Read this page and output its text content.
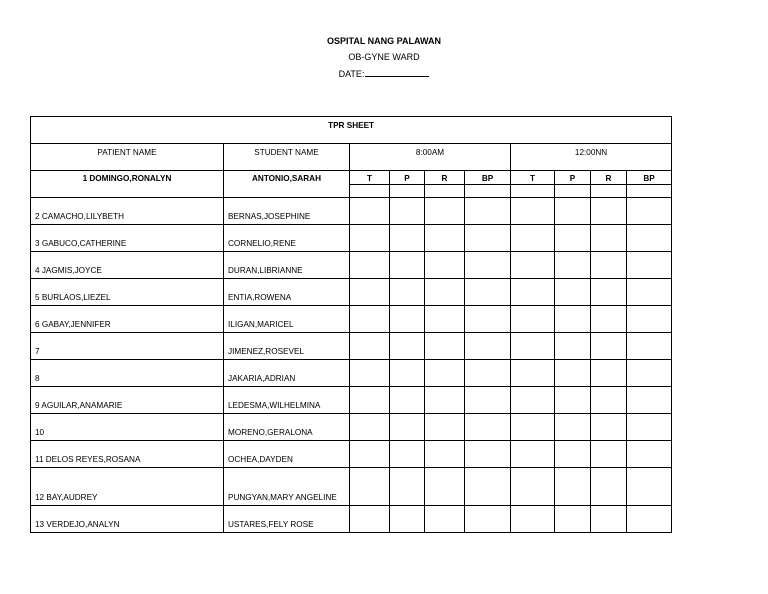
OSPITAL NANG PALAWAN
OB-GYNE WARD
DATE:
TPR SHEET									
PATIENT NAME	STUDENT NAME	8:00AM				12:00NN			
1 DOMINGO,RONALYN	ANTONIO,SARAH	T	P	R	BP	T	P	R	BP

2 CAMACHO,LILYBETH	BERNAS,JOSEPHINE								
3 GABUCO,CATHERINE	CORNELIO,RENE								
4 JAGMIS,JOYCE	DURAN,LIBRIANNE								
5 BURLAOS,LIEZEL	ENTIA,ROWENA								
6 GABAY,JENNIFER	ILIGAN,MARICEL								
7	JIMENEZ,ROSEVEL								
8	JAKARIA,ADRIAN								
9 AGUILAR,ANAMARIE	LEDESMA,WILHELMINA								
10	MORENO,GERALONA								
11 DELOS REYES,ROSANA	OCHEA,DAYDEN								
12 BAY,AUDREY	PUNGYAN,MARY ANGELINE								
13 VERDEJO,ANALYN	USTARES,FELY ROSE								
